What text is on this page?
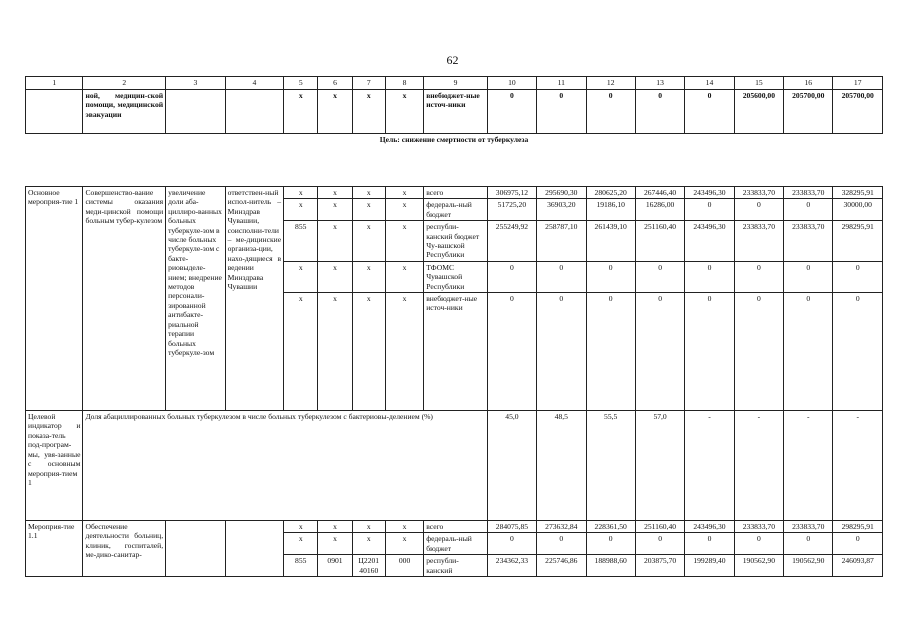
62
1	2	3	4	5	6	7	8	9	10	11	12	13	14	15	16	17
	ной, медицин-ской помощи, медицинской эвакуации			x	x	x	x	внебюджет-ные источ-ники	0	0	0	0	0	205600,00	205700,00	205700,00
Цель: снижение смертности от туберкулеза																
Основное мероприя-тие 1	Совершенство-вание системы оказания меди-цинской помощи больным тубер-кулезом	увеличение доли аба-циллиро-ванных больных туберкуле-зом в числе больных туберкуле-зом с бакте-риовыделе-нием; внедрение методов персонали-зированной антибакте-риальной терапии больных туберкуле-зом	ответствен-ный испол-нитель – Минздрав Чувашии, соисполни-тели – ме-дицинские организа-ции, нахо-дящиеся в ведении Минздрава Чувашии	x	x	x	x	всего	306975,12	295690,30	280625,20	267446,40	243496,30	233833,70	233833,70	328295,91
				x	x	x	x	федераль-ный бюджет	51725,20	36903,20	19186,10	16286,00	0	0	0	30000,00
				855	x	x	x	республи-канский бюджет Чу-вашской Республики	255249,92	258787,10	261439,10	251160,40	243496,30	233833,70	233833,70	298295,91
				x	x	x	x	ТФОМС Чувашской Республики	0	0	0	0	0	0	0	0
				x	x	x	x	внебюджет-ные источ-ники	0	0	0	0	0	0	0	0
Целевой индикатор и показа-тель под-програм-мы, увя-занные с основным мероприя-тием 1	Доля абациллированных больных туберкулезом в числе больных туберкулезом с бактериовы-делением (%)								45,0	48,5	55,5	57,0	-	-	-	-
Мероприя-тие 1.1	Обеспечение деятельности больниц, клиник, госпиталей, ме-дико-санитар-			x	x	x	x	всего	284075,85	273632,84	228361,50	251160,40	243496,30	233833,70	233833,70	298295,91
				x	x	x	x	федераль-ный бюджет	0	0	0	0	0	0	0	0
				855	0901	Ц2201 40160	000	республи-канский	234362,33	225746,86	188988,60	203875,70	199289,40	190562,90	190562,90	246093,87
